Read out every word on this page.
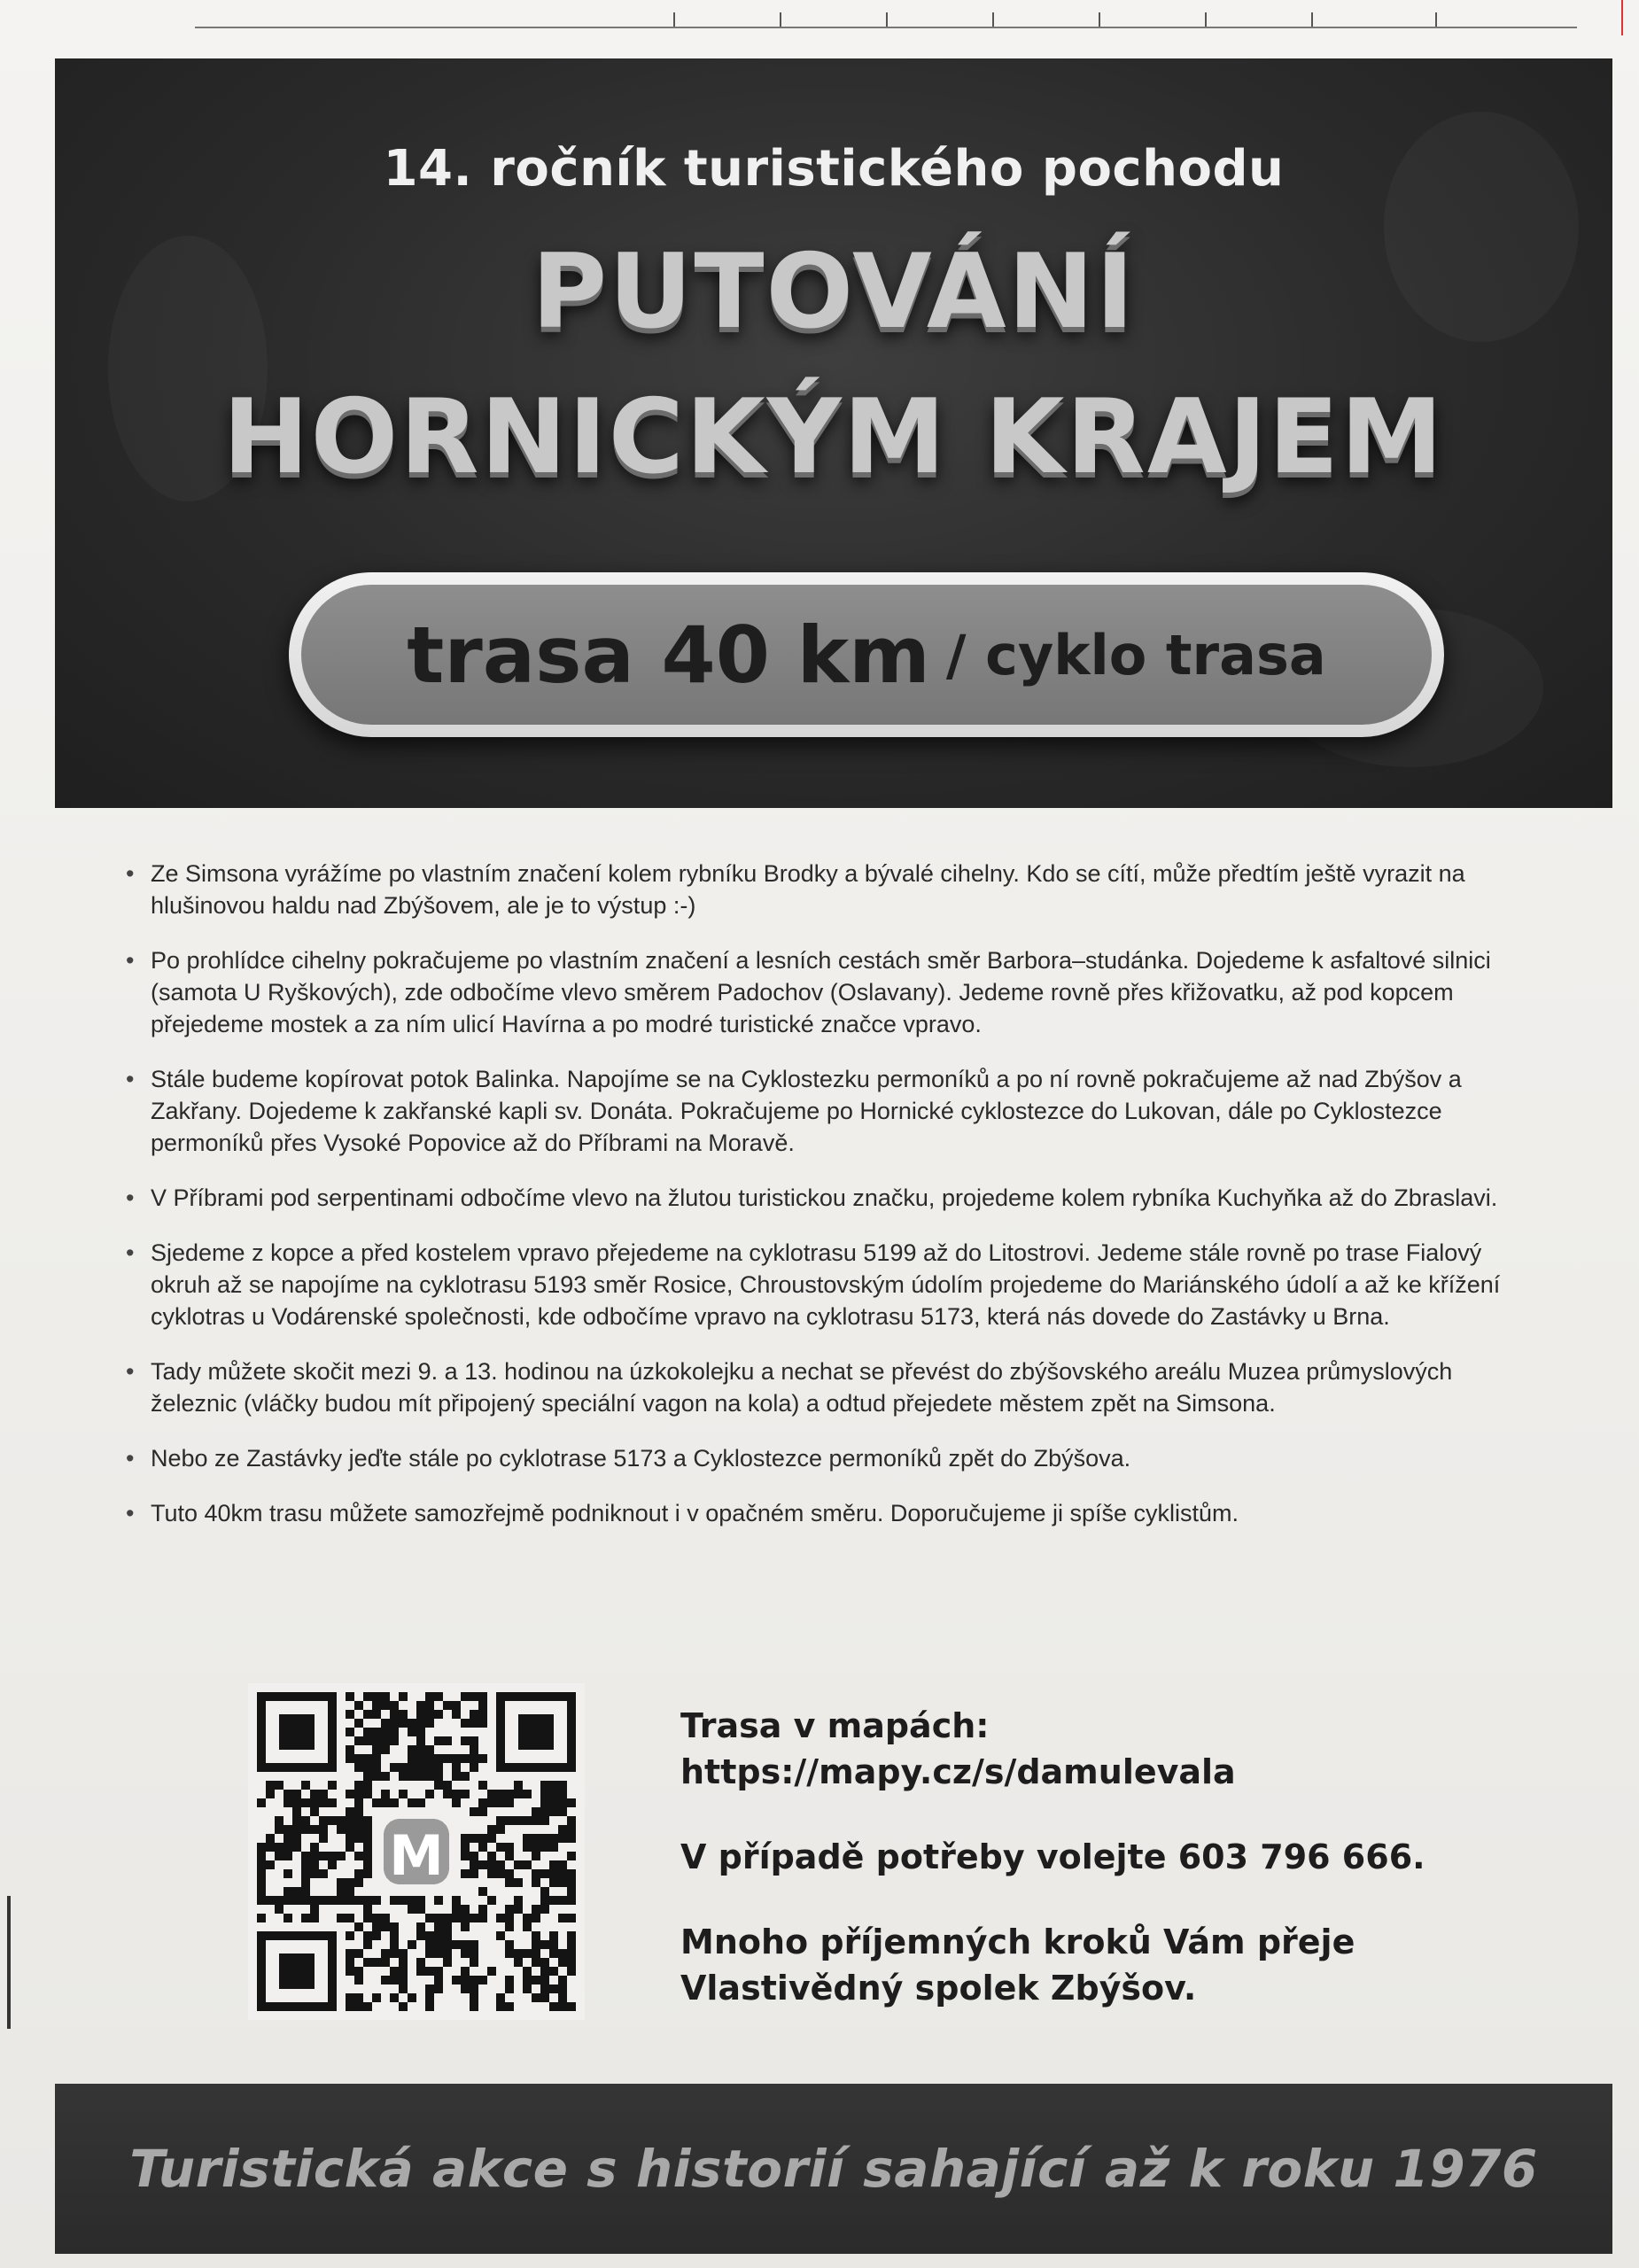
14. ročník turistického pochodu
PUTOVÁNÍ
HORNICKÝM KRAJEM
trasa 40 km / cyklo trasa
• Ze Simsona vyrážíme po vlastním značení kolem rybníku Brodky a bývalé cihelny. Kdo se cítí, může předtím ještě vyrazit na hlušinovou haldu nad Zbýšovem, ale je to výstup :-)
• Po prohlídce cihelny pokračujeme po vlastním značení a lesních cestách směr Barbora–studánka. Dojedeme k asfaltové silnici (samota U Ryškových), zde odbočíme vlevo směrem Padochov (Oslavany). Jedeme rovně přes křižovatku, až pod kopcem přejedeme mostek a za ním ulicí Havírna a po modré turistické značce vpravo.
• Stále budeme kopírovat potok Balinka. Napojíme se na Cyklostezku permoníků a po ní rovně pokračujeme až nad Zbýšov a Zakřany. Dojedeme k zakřanské kapli sv. Donáta. Pokračujeme po Hornické cyklostezce do Lukovan, dále po Cyklostezce permoníků přes Vysoké Popovice až do Příbrami na Moravě.
• V Příbrami pod serpentinami odbočíme vlevo na žlutou turistickou značku, projedeme kolem rybníka Kuchyňka až do Zbraslavi.
• Sjedeme z kopce a před kostelem vpravo přejedeme na cyklotrasu 5199 až do Litostrovi. Jedeme stále rovně po trase Fialový okruh až se napojíme na cyklotrasu 5193 směr Rosice, Chroustovským údolím projedeme do Mariánského údolí a až ke křížení cyklotras u Vodárenské společnosti, kde odbočíme vpravo na cyklotrasu 5173, která nás dovede do Zastávky u Brna.
• Tady můžete skočit mezi 9. a 13. hodinou na úzkokolejku a nechat se převést do zbýšovského areálu Muzea průmyslových železnic (vláčky budou mít připojený speciální vagon na kola) a odtud přejedete městem zpět na Simsona.
• Nebo ze Zastávky jeďte stále po cyklotrase 5173 a Cyklostezce permoníků zpět do Zbýšova.
• Tuto 40km trasu můžete samozřejmě podniknout i v opačném směru. Doporučujeme ji spíše cyklistům.
M
Trasa v mapách:
https://mapy.cz/s/damulevala
V případě potřeby volejte 603 796 666.
Mnoho příjemných kroků Vám přeje
Vlastivědný spolek Zbýšov.
Turistická akce s historií sahající až k roku 1976
